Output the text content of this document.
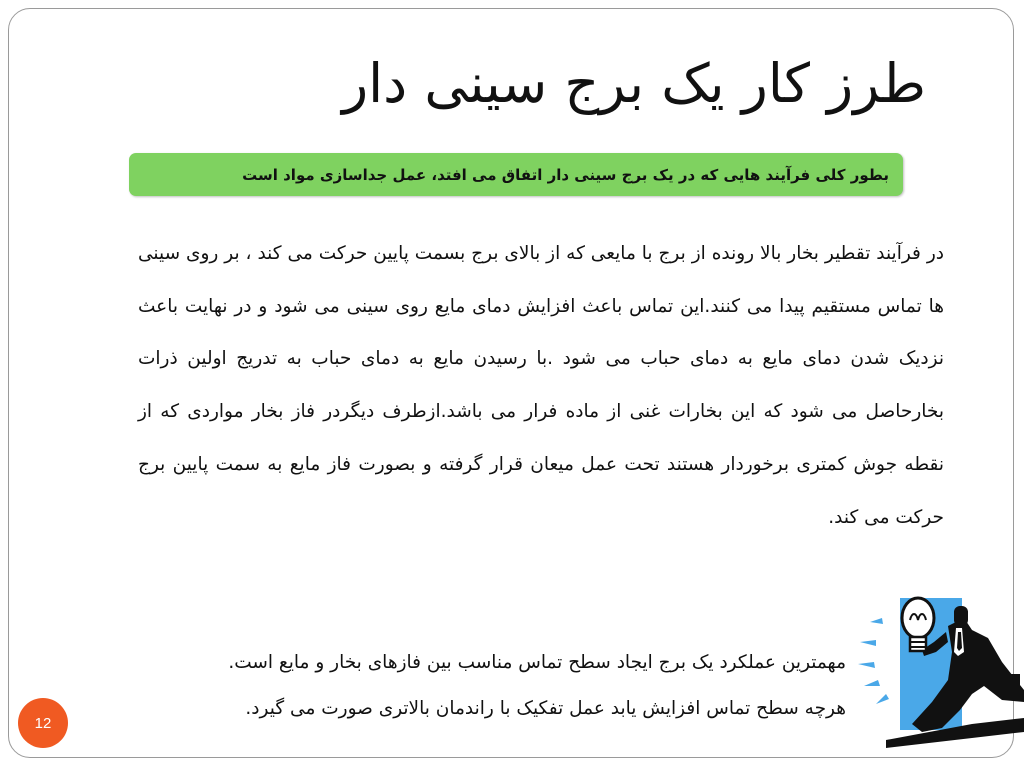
طرز کار یک برج سینی دار
بطور کلی فرآیند هایی که در یک برج سینی دار اتفاق می افتد، عمل جداسازی مواد است

در فرآیند تقطیر بخار بالا رونده از برج با مایعی که از بالای برج بسمت پایین حرکت می کند ، بر روی سینی ها تماس مستقیم پیدا می کنند.این تماس باعث افزایش دمای مایع روی سینی می شود و در نهایت باعث نزدیک شدن دمای مایع به دمای حباب می شود .با رسیدن مایع به دمای حباب به تدریج اولین ذرات بخارحاصل می شود که این بخارات غنی از ماده فرار می باشد.ازطرف دیگردر فاز بخار مواردی که از نقطه جوش کمتری برخوردار هستند تحت عمل میعان قرار گرفته و بصورت فاز مایع به سمت پایین برج حرکت می کند.

مهمترین عملکرد یک برج ایجاد سطح تماس مناسب بین فازهای بخار و مایع است.

هرچه سطح تماس افزایش یابد عمل تفکیک با راندمان بالاتری صورت می گیرد.

12
